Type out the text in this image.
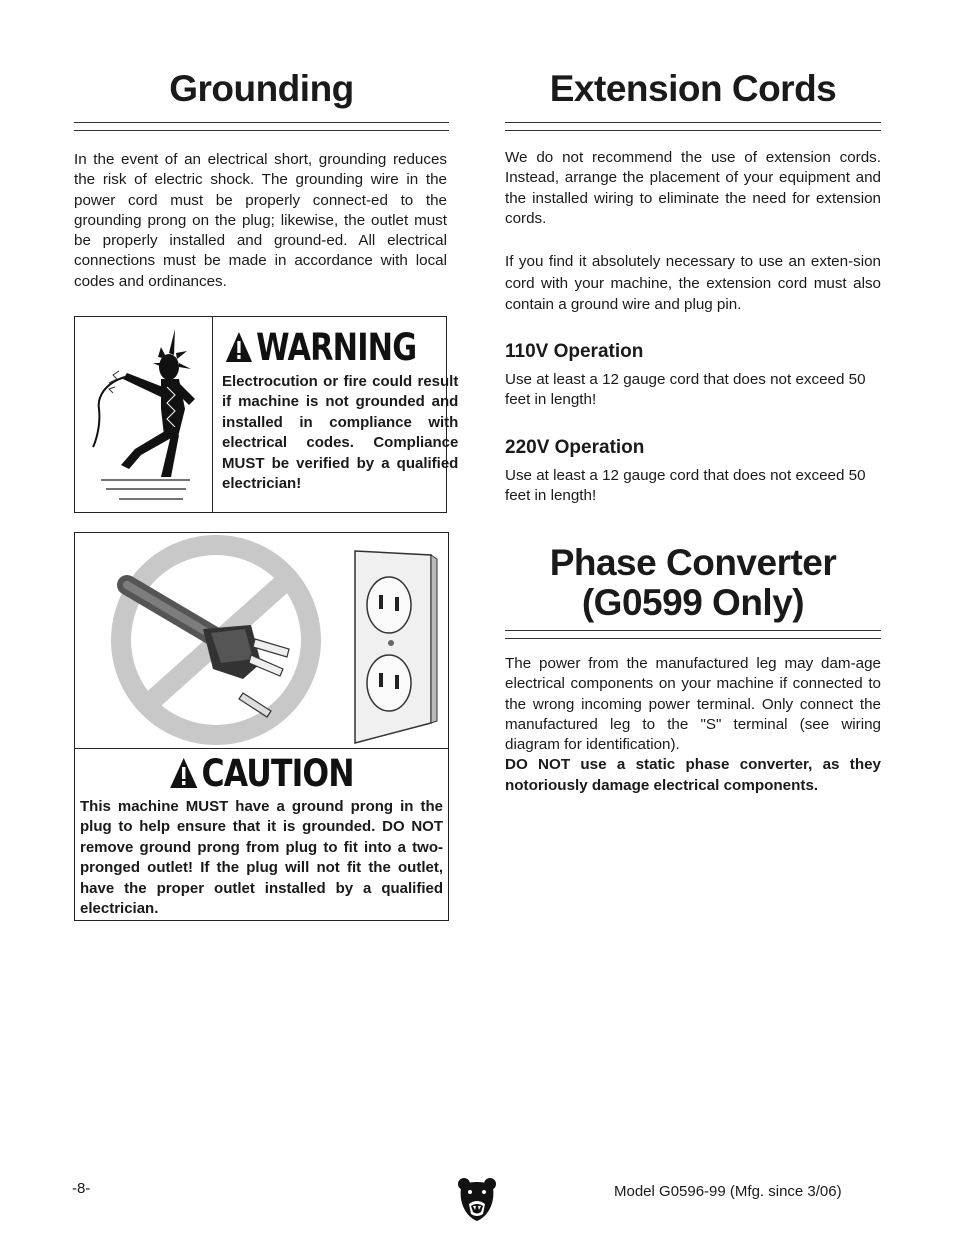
Grounding

In the event of an electrical short, grounding reduces the risk of electric shock. The grounding wire in the power cord must be properly connect-ed to the grounding prong on the plug; likewise, the outlet must be properly installed and ground-ed. All electrical connections must be made in accordance with local codes and ordinances.

WARNING

Electrocution or fire could result if machine is not grounded and installed in compliance with electrical codes. Compliance MUST be verified by a qualified electrician!

CAUTION

This machine MUST have a ground prong in the plug to help ensure that it is grounded. DO NOT remove ground prong from plug to fit into a two-pronged outlet! If the plug will not fit the outlet, have the proper outlet installed by a qualified electrician.

Extension Cords

We do not recommend the use of extension cords. Instead, arrange the placement of your equipment and the installed wiring to eliminate the need for extension cords.

If you find it absolutely necessary to use an exten-sion cord with your machine, the extension cord must also contain a ground wire and plug pin.

110V Operation

Use at least a 12 gauge cord that does not exceed 50 feet in length!

220V Operation

Use at least a 12 gauge cord that does not exceed 50 feet in length!

Phase Converter
(G0599 Only)

The power from the manufactured leg may dam-age electrical components on your machine if connected to the wrong incoming power terminal. Only connect the manufactured leg to the "S" terminal (see wiring diagram for identification).

DO NOT use a static phase converter, as they notoriously damage electrical components.

-8-	Model G0596-99 (Mfg. since 3/06)
